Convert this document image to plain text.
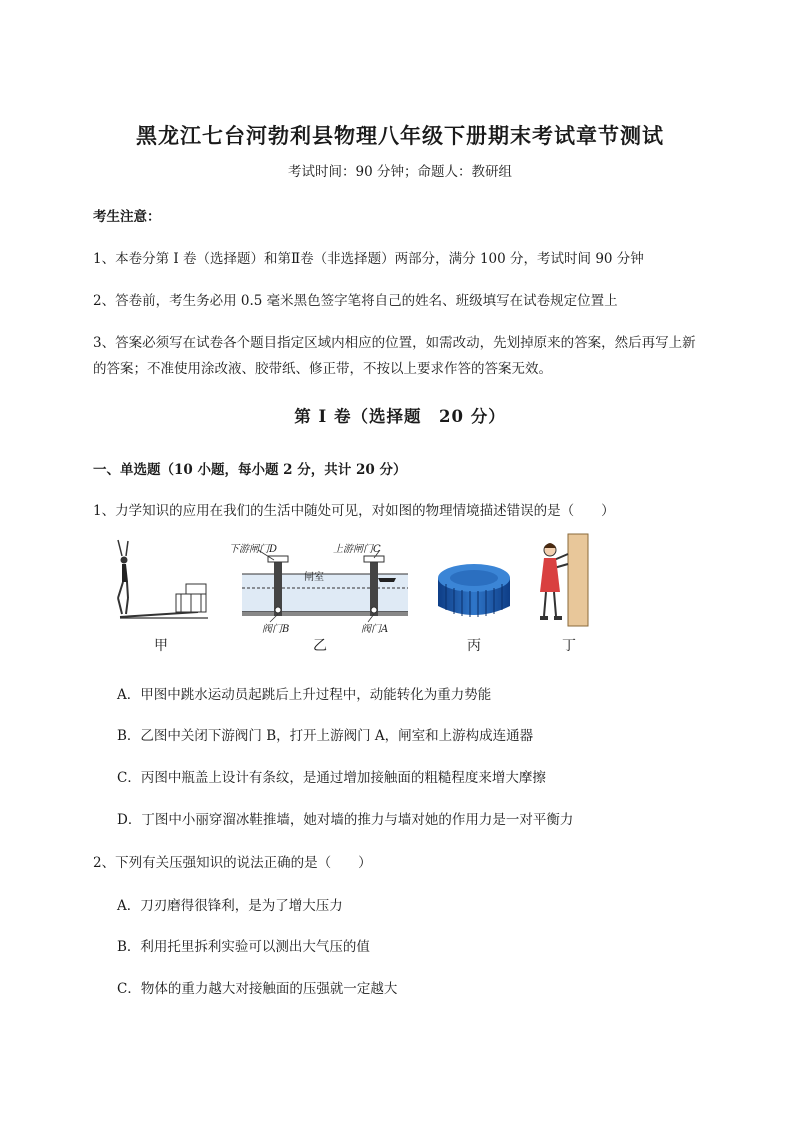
黑龙江七台河勃利县物理八年级下册期末考试章节测试
考试时间：90 分钟；命题人：教研组
考生注意：
1、本卷分第 I 卷（选择题）和第Ⅱ卷（非选择题）两部分，满分 100 分，考试时间 90 分钟
2、答卷前，考生务必用 0.5 毫米黑色签字笔将自己的姓名、班级填写在试卷规定位置上
3、答案必须写在试卷各个题目指定区域内相应的位置，如需改动，先划掉原来的答案，然后再写上新
的答案；不准使用涂改液、胶带纸、修正带，不按以上要求作答的答案无效。
第 I 卷（选择题　20 分）
一、单选题（10 小题，每小题 2 分，共计 20 分）
1、力学知识的应用在我们的生活中随处可见，对如图的物理情境描述错误的是（　　）
甲
下游闸门D	上游闸门C
闸室
阀门B	阀门A
乙	丙	丁
A．甲图中跳水运动员起跳后上升过程中，动能转化为重力势能
B．乙图中关闭下游阀门 B，打开上游阀门 A，闸室和上游构成连通器
C．丙图中瓶盖上设计有条纹，是通过增加接触面的粗糙程度来增大摩擦
D．丁图中小丽穿溜冰鞋推墙，她对墙的推力与墙对她的作用力是一对平衡力
2、下列有关压强知识的说法正确的是（　　）
A．刀刃磨得很锋利，是为了增大压力
B．利用托里拆利实验可以测出大气压的值
C．物体的重力越大对接触面的压强就一定越大
